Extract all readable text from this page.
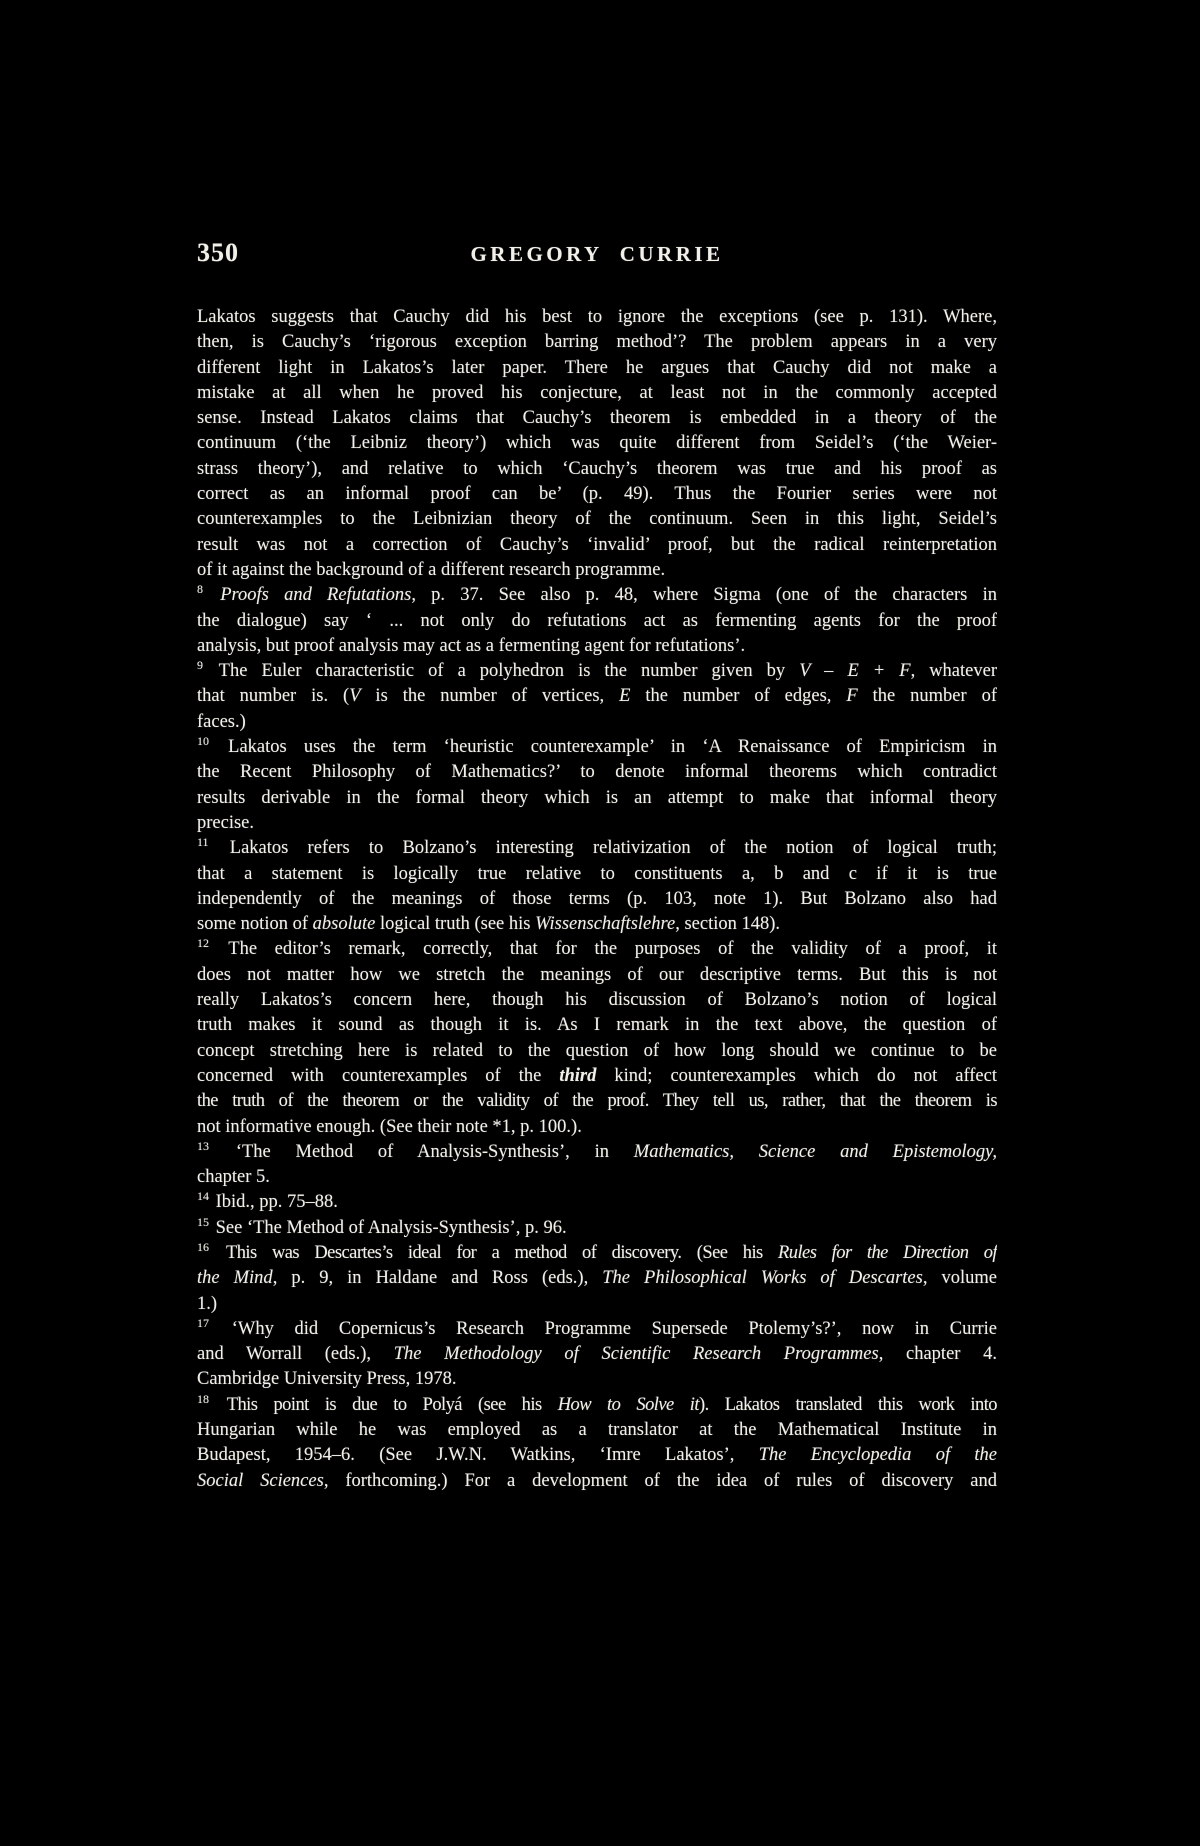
350	GREGORY CURRIE
Lakatos suggests that Cauchy did his best to ignore the exceptions (see p. 131). Where,
then, is Cauchy’s ‘rigorous exception barring method’? The problem appears in a very
different light in Lakatos’s later paper. There he argues that Cauchy did not make a
mistake at all when he proved his conjecture, at least not in the commonly accepted
sense. Instead Lakatos claims that Cauchy’s theorem is embedded in a theory of the
continuum (‘the Leibniz theory’) which was quite different from Seidel’s (‘the Weier-
strass theory’), and relative to which ‘Cauchy’s theorem was true and his proof as
correct as an informal proof can be’ (p. 49). Thus the Fourier series were not
counterexamples to the Leibnizian theory of the continuum. Seen in this light, Seidel’s
result was not a correction of Cauchy’s ‘invalid’ proof, but the radical reinterpretation
of it against the background of a different research programme.
$^8$ Proofs and Refutations, p. 37. See also p. 48, where Sigma (one of the characters in
the dialogue) say ‘ ... not only do refutations act as fermenting agents for the proof
analysis, but proof analysis may act as a fermenting agent for refutations’.
$^9$ The Euler characteristic of a polyhedron is the number given by V – E + F, whatever
that number is. (V is the number of vertices, E the number of edges, F the number of
faces.)
$^{10}$ Lakatos uses the term ‘heuristic counterexample’ in ‘A Renaissance of Empiricism in
the Recent Philosophy of Mathematics?’ to denote informal theorems which contradict
results derivable in the formal theory which is an attempt to make that informal theory
precise.
$^{11}$ Lakatos refers to Bolzano’s interesting relativization of the notion of logical truth;
that a statement is logically true relative to constituents a, b and c if it is true
independently of the meanings of those terms (p. 103, note 1). But Bolzano also had
some notion of absolute logical truth (see his Wissenschaftslehre, section 148).
$^{12}$ The editor’s remark, correctly, that for the purposes of the validity of a proof, it
does not matter how we stretch the meanings of our descriptive terms. But this is not
really Lakatos’s concern here, though his discussion of Bolzano’s notion of logical
truth makes it sound as though it is. As I remark in the text above, the question of
concept stretching here is related to the question of how long should we continue to be
concerned with counterexamples of the third kind; counterexamples which do not affect
the truth of the theorem or the validity of the proof. They tell us, rather, that the theorem is
not informative enough. (See their note *1, p. 100.).
$^{13}$ ‘The Method of Analysis-Synthesis’, in Mathematics, Science and Epistemology,
chapter 5.
$^{14}$ Ibid., pp. 75–88.
$^{15}$ See ‘The Method of Analysis-Synthesis’, p. 96.
$^{16}$ This was Descartes’s ideal for a method of discovery. (See his Rules for the Direction of
the Mind, p. 9, in Haldane and Ross (eds.), The Philosophical Works of Descartes, volume
1.)
$^{17}$ ‘Why did Copernicus’s Research Programme Supersede Ptolemy’s?’, now in Currie
and Worrall (eds.), The Methodology of Scientific Research Programmes, chapter 4.
Cambridge University Press, 1978.
$^{18}$ This point is due to Polyá (see his How to Solve it). Lakatos translated this work into
Hungarian while he was employed as a translator at the Mathematical Institute in
Budapest, 1954–6. (See J.W.N. Watkins, ‘Imre Lakatos’, The Encyclopedia of the
Social Sciences, forthcoming.) For a development of the idea of rules of discovery and
